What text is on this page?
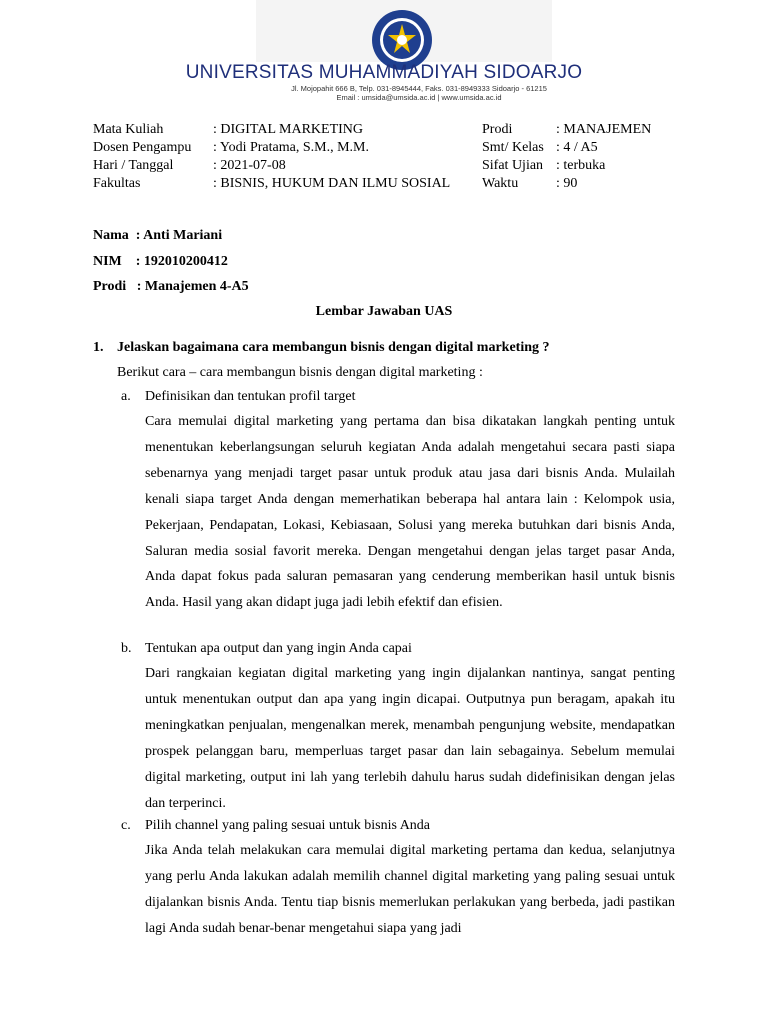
UNIVERSITAS MUHAMMADIYAH SIDOARJO
Jl. Mojopahit 666 B, Telp. 031-8945444, Faks. 031-8949333 Sidoarjo - 61215
Email : umsida@umsida.ac.id | www.umsida.ac.id
Mata Kuliah	: DIGITAL MARKETING
Dosen Pengampu : Yodi Pratama, S.M., M.M.
Hari / Tanggal	: 2021-07-08
Fakultas	: BISNIS, HUKUM DAN ILMU SOSIAL
Prodi	: MANAJEMEN
Smt/ Kelas : 4 / A5
Sifat Ujian : terbuka
Waktu	: 90
Nama  : Anti Mariani
NIM    : 192010200412
Prodi   : Manajemen 4-A5
Lembar Jawaban UAS
1. Jelaskan bagaimana cara membangun bisnis dengan digital marketing ?
Berikut cara – cara membangun bisnis dengan digital marketing :
a. Definisikan dan tentukan profil target

Cara memulai digital marketing yang pertama dan bisa dikatakan langkah penting untuk menentukan keberlangsungan seluruh kegiatan Anda adalah mengetahui secara pasti siapa sebenarnya yang menjadi target pasar untuk produk atau jasa dari bisnis Anda. Mulailah kenali siapa target Anda dengan memerhatikan beberapa hal antara lain : Kelompok usia, Pekerjaan, Pendapatan, Lokasi, Kebiasaan, Solusi yang mereka butuhkan dari bisnis Anda, Saluran media sosial favorit mereka. Dengan mengetahui dengan jelas target pasar Anda, Anda dapat fokus pada saluran pemasaran yang cenderung memberikan hasil untuk bisnis Anda. Hasil yang akan didapt juga jadi lebih efektif dan efisien.

b. Tentukan apa output dan yang ingin Anda capai

Dari rangkaian kegiatan digital marketing yang ingin dijalankan nantinya, sangat penting untuk menentukan output dan apa yang ingin dicapai. Outputnya pun beragam, apakah itu meningkatkan penjualan, mengenalkan merek, menambah pengunjung website, mendapatkan prospek pelanggan baru, memperluas target pasar dan lain sebagainya. Sebelum memulai digital marketing, output ini lah yang terlebih dahulu harus sudah didefinisikan dengan jelas dan terperinci.

c. Pilih channel yang paling sesuai untuk bisnis Anda

Jika Anda telah melakukan cara memulai digital marketing pertama dan kedua, selanjutnya yang perlu Anda lakukan adalah memilih channel digital marketing yang paling sesuai untuk dijalankan bisnis Anda. Tentu tiap bisnis memerlukan perlakukan yang berbeda, jadi pastikan lagi Anda sudah benar-benar mengetahui siapa yang jadi
